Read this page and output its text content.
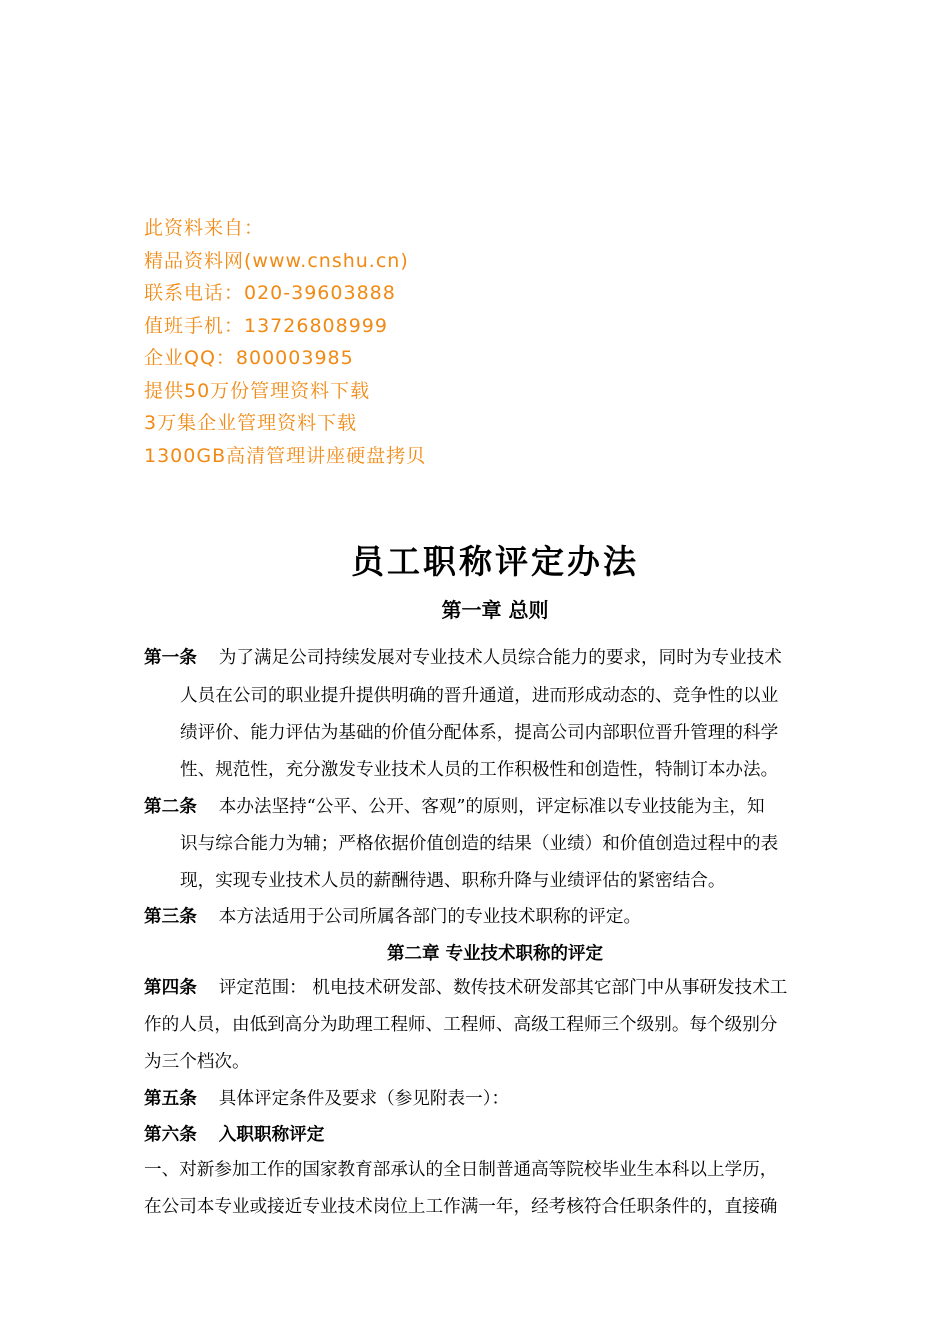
此资料来自：
精品资料网(www.cnshu.cn)
联系电话：020-39603888
值班手机：13726808999
企业QQ：800003985
提供50万份管理资料下载
3万集企业管理资料下载
1300GB高清管理讲座硬盘拷贝
员工职称评定办法
第一章 总则
第一条 为了满足公司持续发展对专业技术人员综合能力的要求，同时为专业技术
人员在公司的职业提升提供明确的晋升通道，进而形成动态的、竞争性的以业
绩评价、能力评估为基础的价值分配体系，提高公司内部职位晋升管理的科学
性、规范性，充分激发专业技术人员的工作积极性和创造性，特制订本办法。
第二条 本办法坚持“公平、公开、客观”的原则，评定标准以专业技能为主，知
识与综合能力为辅；严格依据价值创造的结果（业绩）和价值创造过程中的表
现，实现专业技术人员的薪酬待遇、职称升降与业绩评估的紧密结合。
第三条 本方法适用于公司所属各部门的专业技术职称的评定。
第二章 专业技术职称的评定
第四条 评定范围： 机电技术研发部、数传技术研发部其它部门中从事研发技术工
作的人员，由低到高分为助理工程师、工程师、高级工程师三个级别。每个级别分
为三个档次。
第五条 具体评定条件及要求（参见附表一）：
第六条 入职职称评定
一、对新参加工作的国家教育部承认的全日制普通高等院校毕业生本科以上学历，
在公司本专业或接近专业技术岗位上工作满一年，经考核符合任职条件的，直接确
